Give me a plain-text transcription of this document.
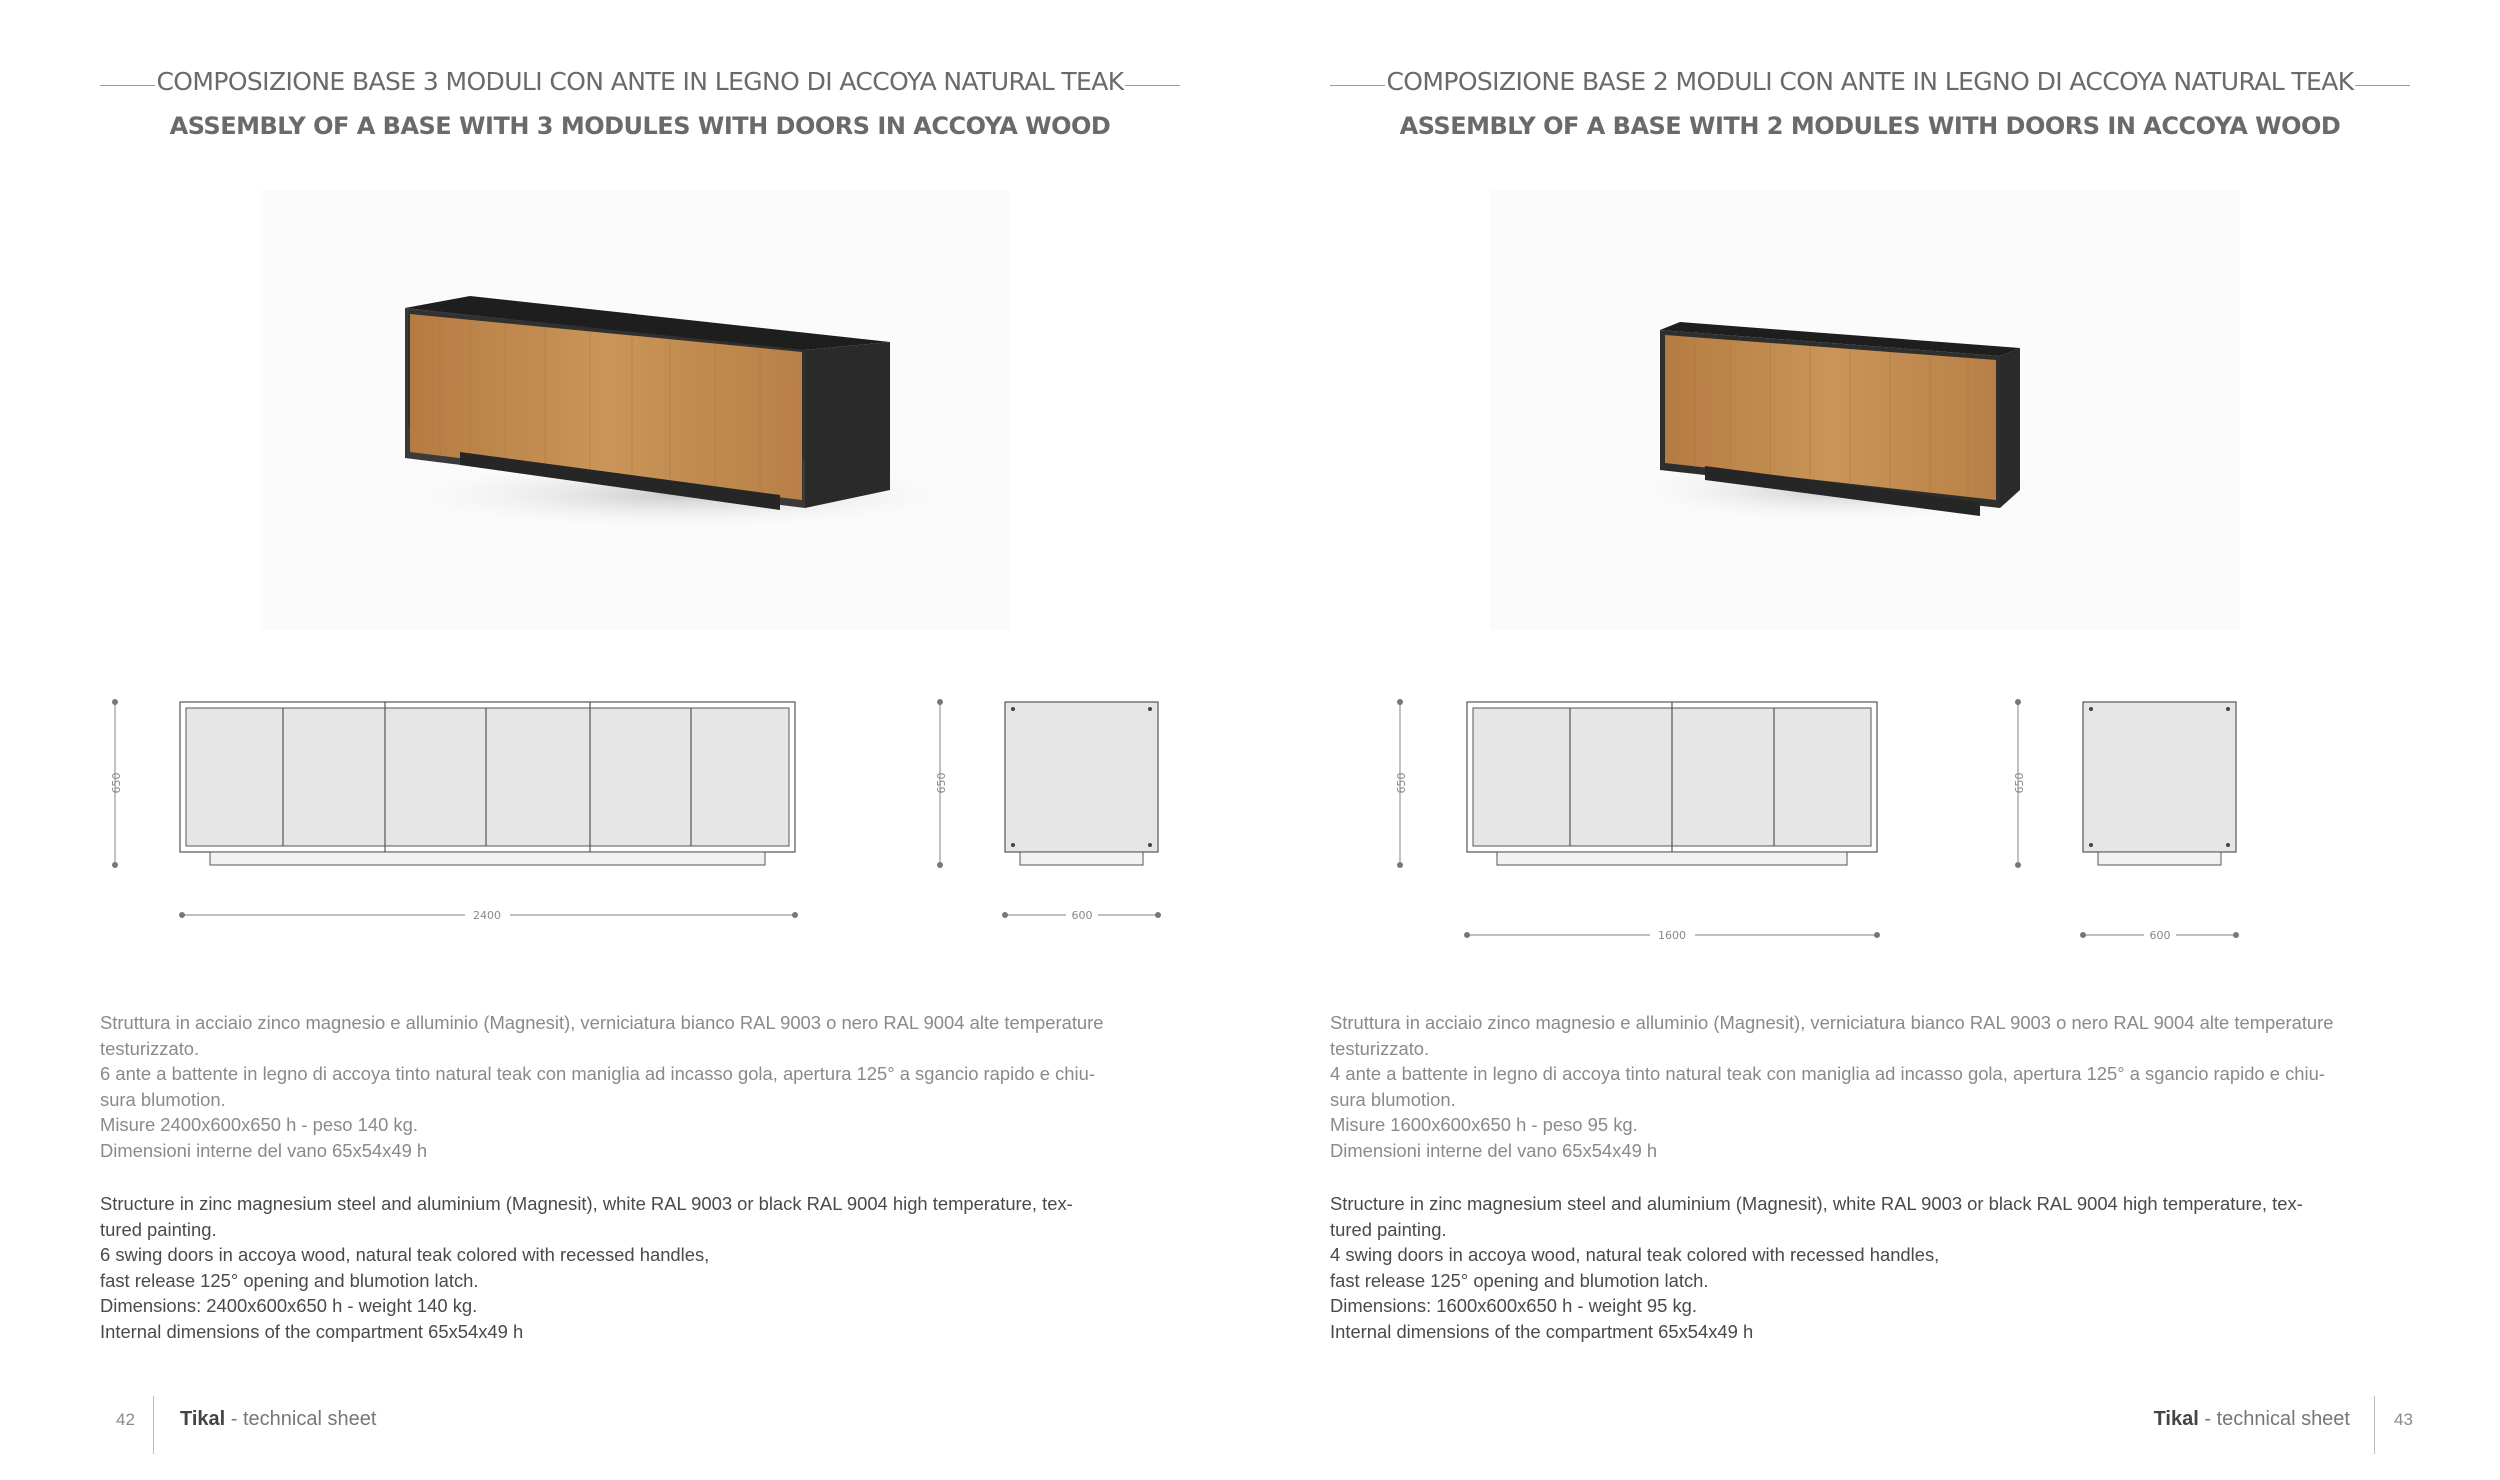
COMPOSIZIONE BASE 3 MODULI CON ANTE IN LEGNO DI ACCOYA NATURAL TEAK
ASSEMBLY OF A BASE WITH 3 MODULES WITH DOORS IN ACCOYA WOOD
650
2400
650
600

Struttura in acciaio zinco magnesio e alluminio (Magnesit), verniciatura bianco RAL 9003 o nero RAL 9004 alte temperature

testurizzato.

6 ante a battente in legno di accoya tinto natural teak con maniglia ad incasso gola, apertura 125° a sgancio rapido e chiu-

sura blumotion.

Misure 2400x600x650 h - peso 140 kg.

Dimensioni interne del vano 65x54x49 h

Structure in zinc magnesium steel and aluminium (Magnesit), white RAL 9003 or black RAL 9004 high temperature, tex-

tured painting.

6 swing doors in accoya wood, natural teak colored with recessed handles,

fast release 125° opening and blumotion latch.

Dimensions: 2400x600x650 h - weight 140 kg.

Internal dimensions of the compartment 65x54x49 h

42 Tikal - technical sheet
COMPOSIZIONE BASE 2 MODULI CON ANTE IN LEGNO DI ACCOYA NATURAL TEAK
ASSEMBLY OF A BASE WITH 2 MODULES WITH DOORS IN ACCOYA WOOD
650
1600
650
600

Struttura in acciaio zinco magnesio e alluminio (Magnesit), verniciatura bianco RAL 9003 o nero RAL 9004 alte temperature

testurizzato.

4 ante a battente in legno di accoya tinto natural teak con maniglia ad incasso gola, apertura 125° a sgancio rapido e chiu-

sura blumotion.

Misure 1600x600x650 h - peso 95 kg.

Dimensioni interne del vano 65x54x49 h

Structure in zinc magnesium steel and aluminium (Magnesit), white RAL 9003 or black RAL 9004 high temperature, tex-

tured painting.

4 swing doors in accoya wood, natural teak colored with recessed handles,

fast release 125° opening and blumotion latch.

Dimensions: 1600x600x650 h - weight 95 kg.

Internal dimensions of the compartment 65x54x49 h

Tikal - technical sheet	43
